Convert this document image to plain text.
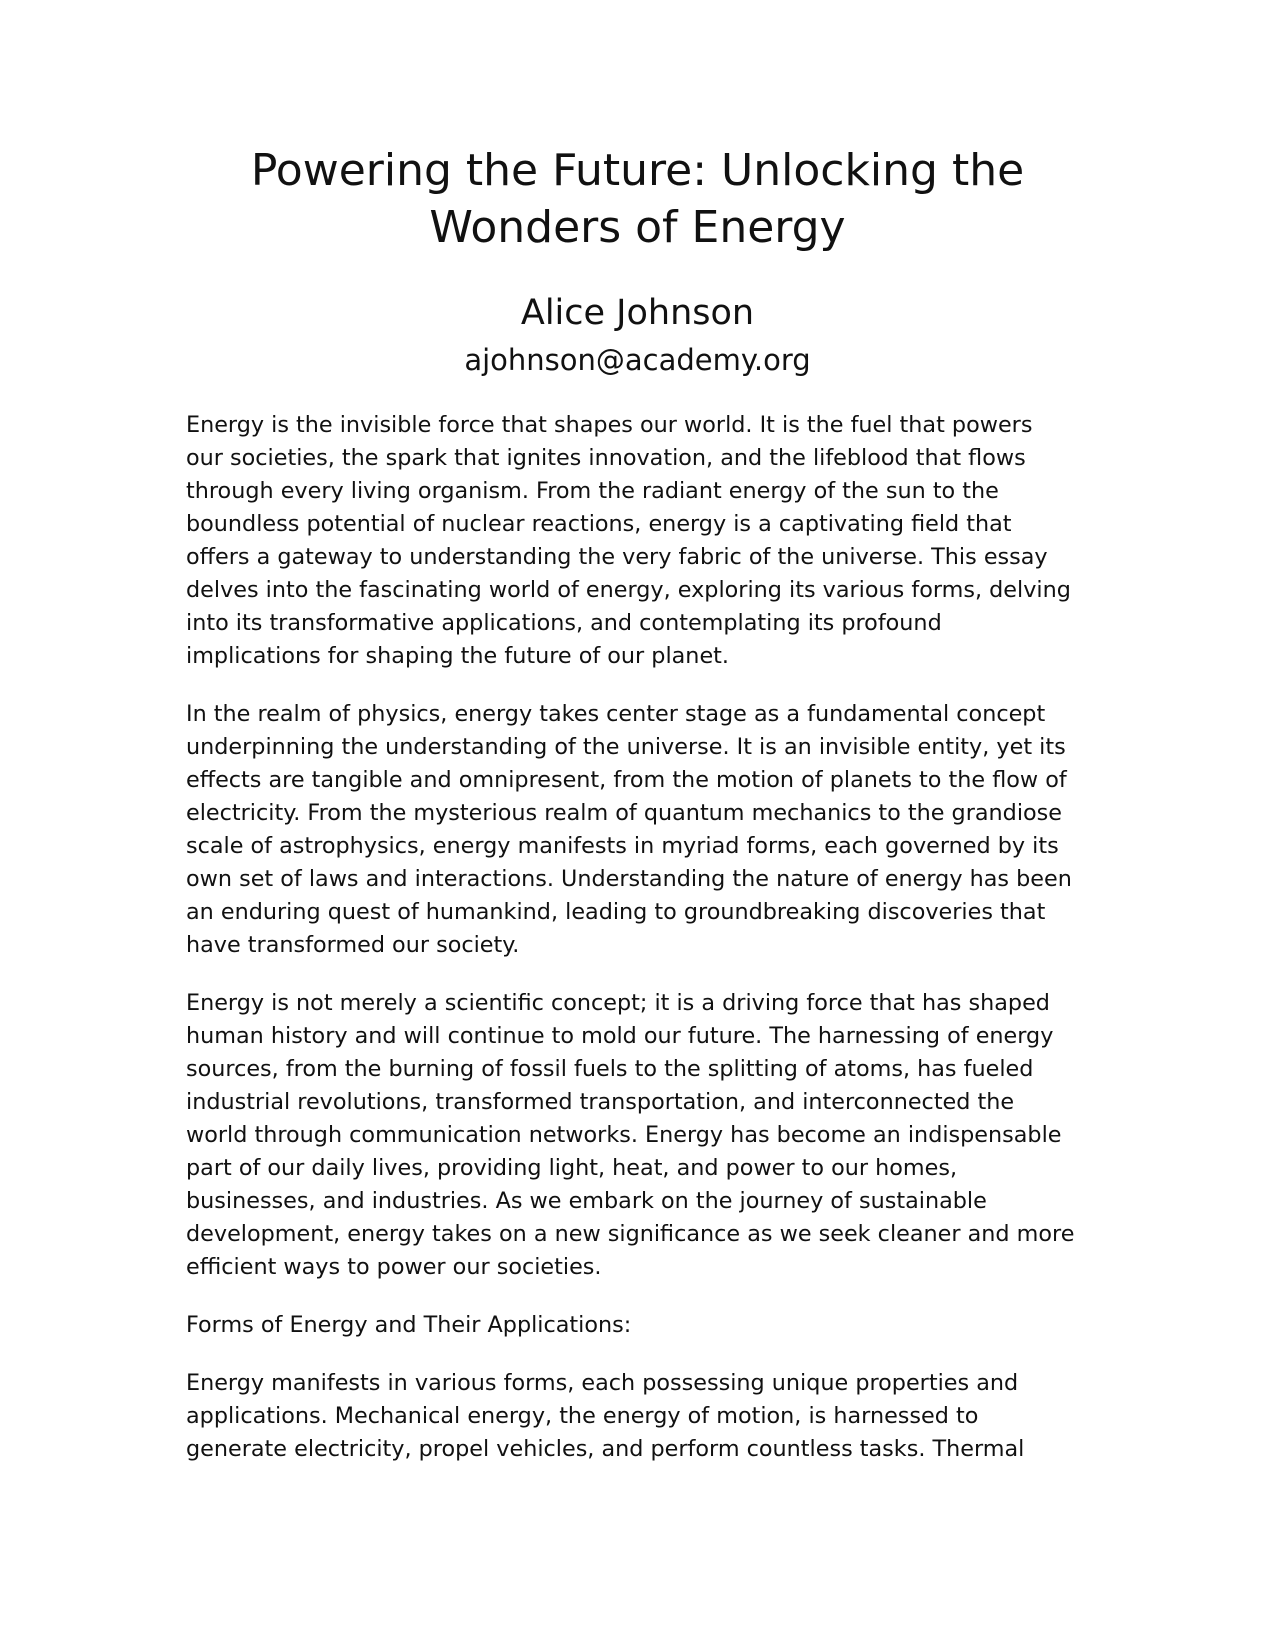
Powering the Future: Unlocking the
Wonders of Energy
Alice Johnson
ajohnson@academy.org

Energy is the invisible force that shapes our world. It is the fuel that powers
our societies, the spark that ignites innovation, and the lifeblood that flows
through every living organism. From the radiant energy of the sun to the
boundless potential of nuclear reactions, energy is a captivating field that
offers a gateway to understanding the very fabric of the universe. This essay
delves into the fascinating world of energy, exploring its various forms, delving
into its transformative applications, and contemplating its profound
implications for shaping the future of our planet.

In the realm of physics, energy takes center stage as a fundamental concept
underpinning the understanding of the universe. It is an invisible entity, yet its
effects are tangible and omnipresent, from the motion of planets to the flow of
electricity. From the mysterious realm of quantum mechanics to the grandiose
scale of astrophysics, energy manifests in myriad forms, each governed by its
own set of laws and interactions. Understanding the nature of energy has been
an enduring quest of humankind, leading to groundbreaking discoveries that
have transformed our society.

Energy is not merely a scientific concept; it is a driving force that has shaped
human history and will continue to mold our future. The harnessing of energy
sources, from the burning of fossil fuels to the splitting of atoms, has fueled
industrial revolutions, transformed transportation, and interconnected the
world through communication networks. Energy has become an indispensable
part of our daily lives, providing light, heat, and power to our homes,
businesses, and industries. As we embark on the journey of sustainable
development, energy takes on a new significance as we seek cleaner and more
efficient ways to power our societies.

Forms of Energy and Their Applications:

Energy manifests in various forms, each possessing unique properties and
applications. Mechanical energy, the energy of motion, is harnessed to
generate electricity, propel vehicles, and perform countless tasks. Thermal
